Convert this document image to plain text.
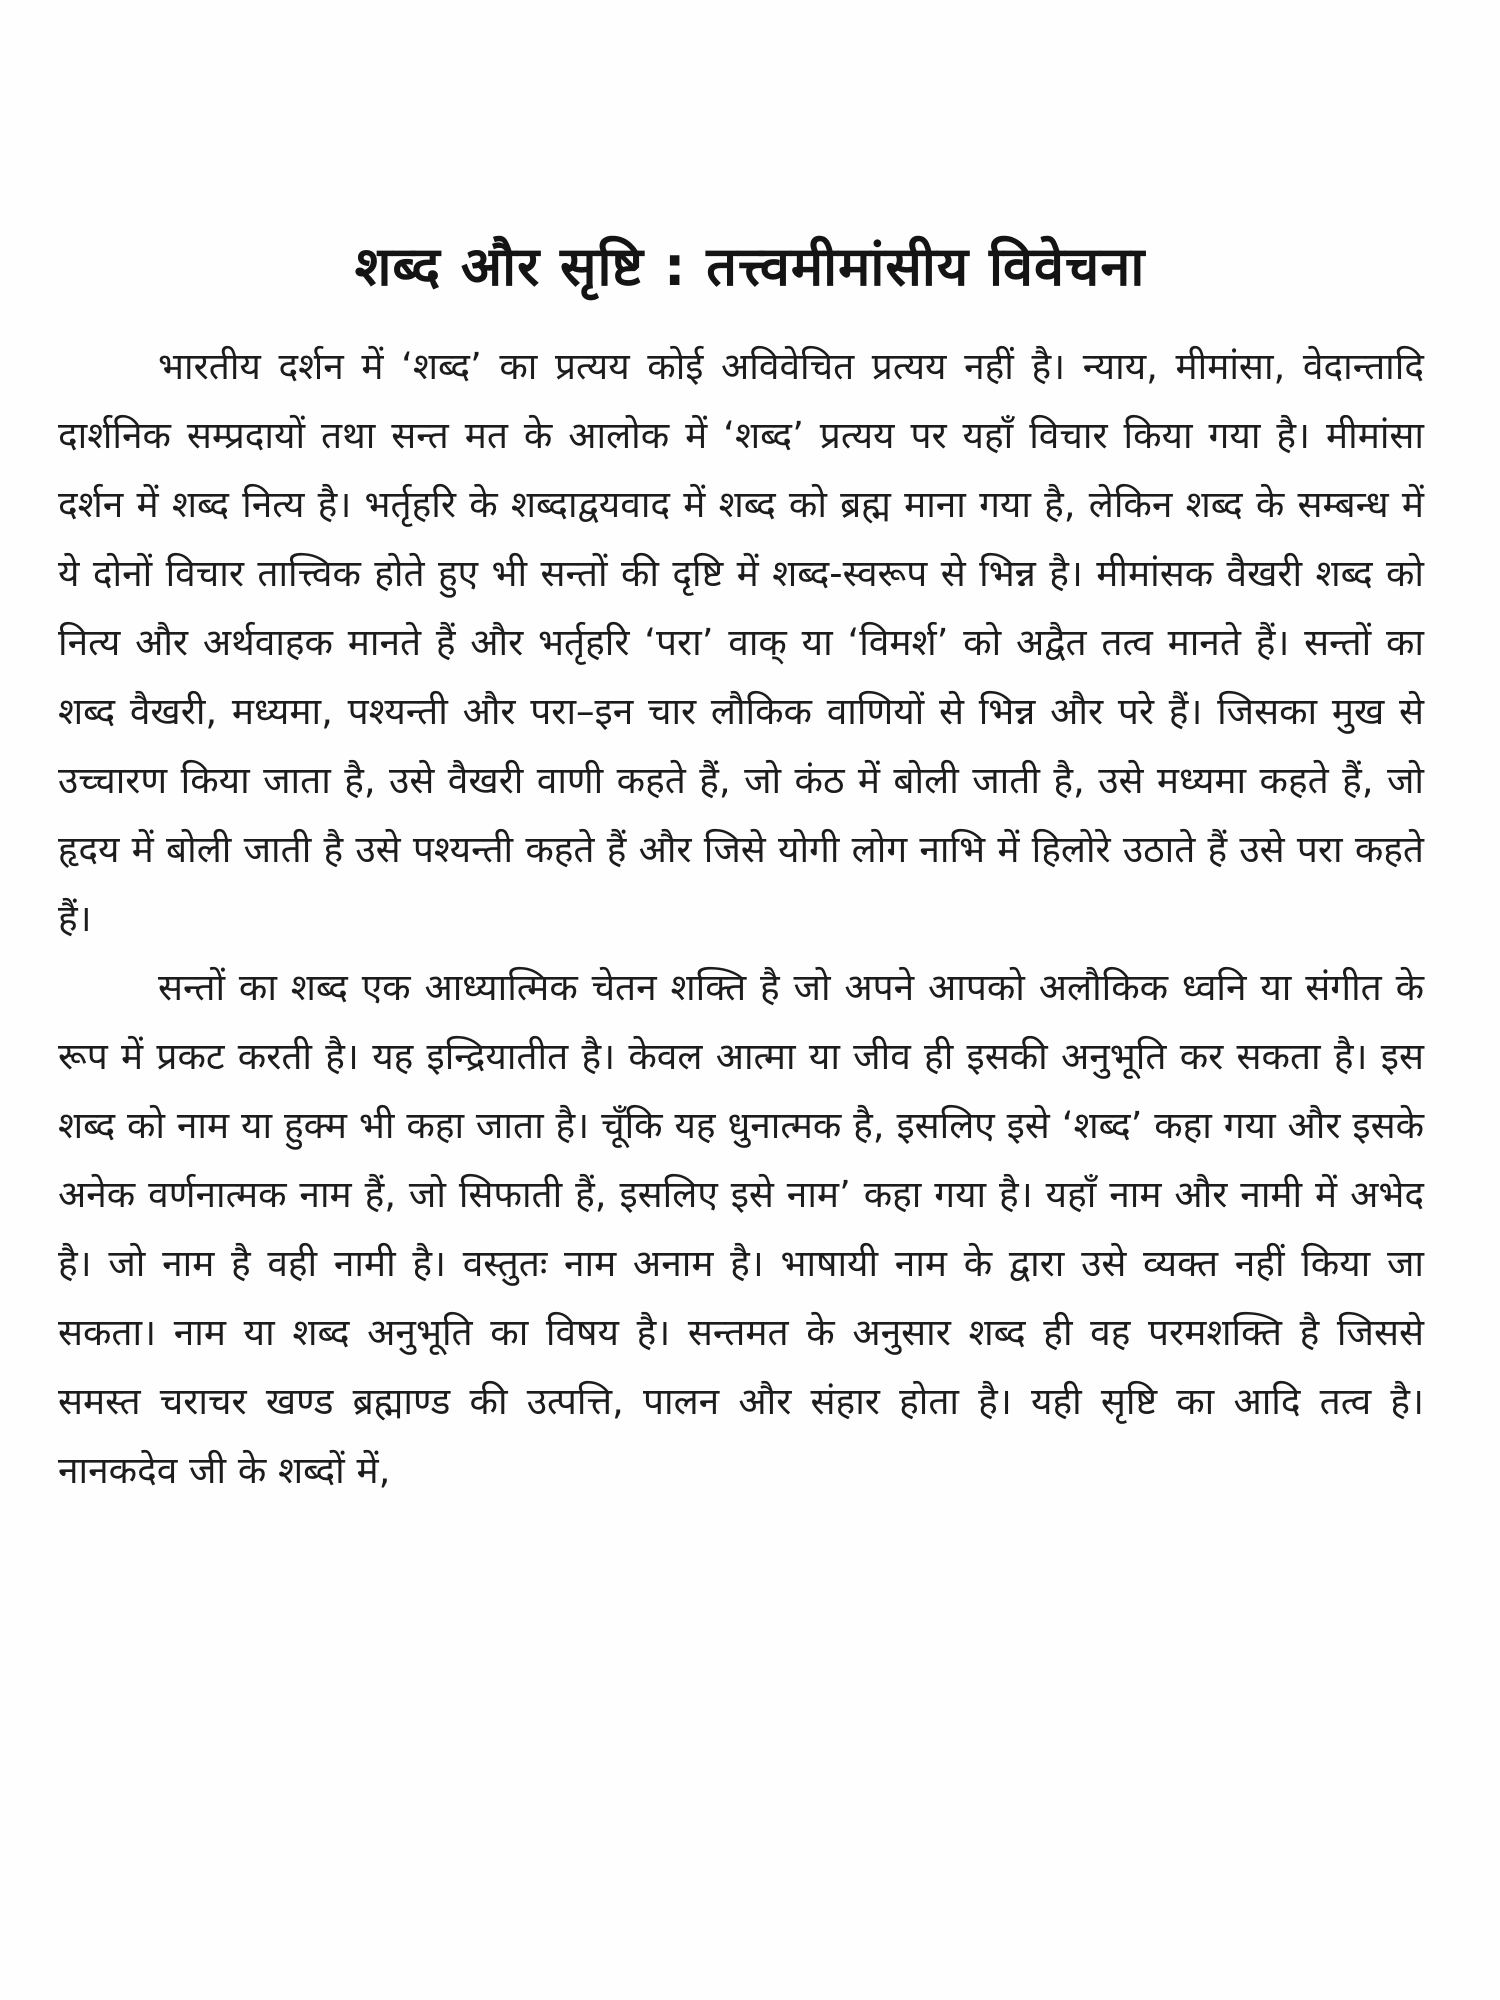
शब्द और सृष्टि : तत्त्वमीमांसीय विवेचना

भारतीय दर्शन में ‘शब्द’ का प्रत्यय कोई अविवेचित प्रत्यय नहीं है। न्याय, मीमांसा, वेदान्तादि दार्शनिक सम्प्रदायों तथा सन्त मत के आलोक में ‘शब्द’ प्रत्यय पर यहाँ विचार किया गया है। मीमांसा दर्शन में शब्द नित्य है। भर्तृहरि के शब्दाद्वयवाद में शब्द को ब्रह्म माना गया है, लेकिन शब्द के सम्बन्ध में ये दोनों विचार तात्त्विक होते हुए भी सन्तों की दृष्टि में शब्द-स्वरूप से भिन्न है। मीमांसक वैखरी शब्द को नित्य और अर्थवाहक मानते हैं और भर्तृहरि ‘परा’ वाक् या ‘विमर्श’ को अद्वैत तत्व मानते हैं। सन्तों का शब्द वैखरी, मध्यमा, पश्यन्ती और परा–इन चार लौकिक वाणियों से भिन्न और परे हैं। जिसका मुख से उच्चारण किया जाता है, उसे वैखरी वाणी कहते हैं, जो कंठ में बोली जाती है, उसे मध्यमा कहते हैं, जो हृदय में बोली जाती है उसे पश्यन्ती कहते हैं और जिसे योगी लोग नाभि में हिलोरे उठाते हैं उसे परा कहते हैं।

सन्तों का शब्द एक आध्यात्मिक चेतन शक्ति है जो अपने आपको अलौकिक ध्वनि या संगीत के रूप में प्रकट करती है। यह इन्द्रियातीत है। केवल आत्मा या जीव ही इसकी अनुभूति कर सकता है। इस शब्द को नाम या हुक्म भी कहा जाता है। चूँकि यह धुनात्मक है, इसलिए इसे ‘शब्द’ कहा गया और इसके अनेक वर्णनात्मक नाम हैं, जो सिफाती हैं, इसलिए इसे नाम’ कहा गया है। यहाँ नाम और नामी में अभेद है। जो नाम है वही नामी है। वस्तुतः नाम अनाम है। भाषायी नाम के द्वारा उसे व्यक्त नहीं किया जा सकता। नाम या शब्द अनुभूति का विषय है। सन्तमत के अनुसार शब्द ही वह परमशक्ति है जिससे समस्त चराचर खण्ड ब्रह्माण्ड की उत्पत्ति, पालन और संहार होता है। यही सृष्टि का आदि तत्व है। नानकदेव जी के शब्दों में,
